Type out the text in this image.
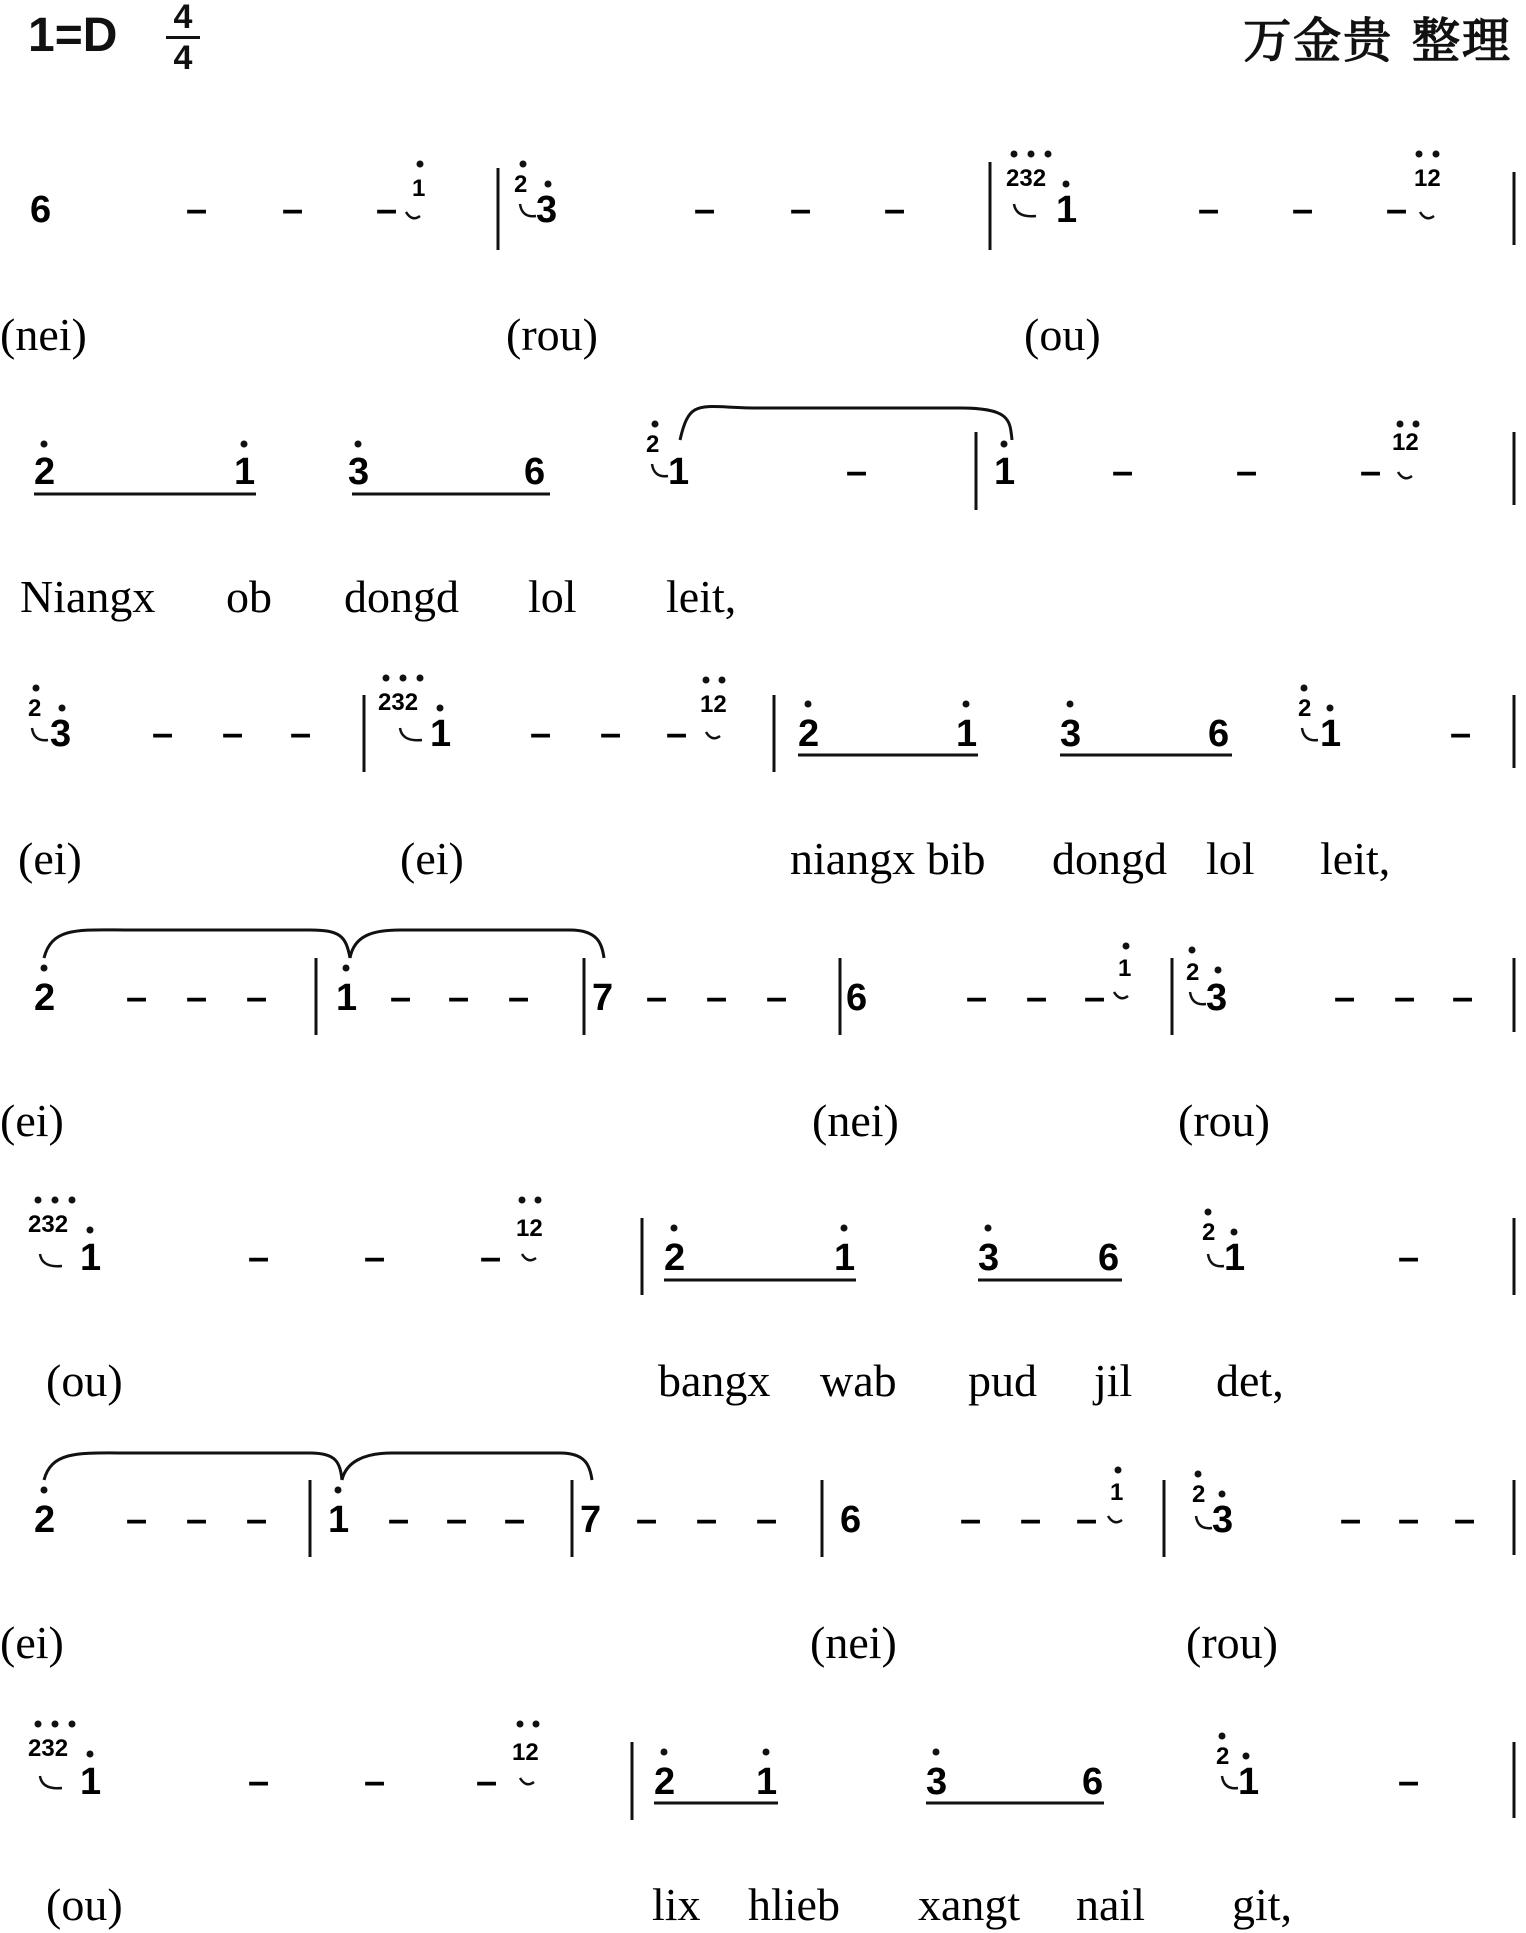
1=D 4
4	万金贵 整理
6	– – –
1	2
3	– – –
232
1	– – –
12
2	1 3	6
2
1	–	1	–	–	–
12
2
3 – – –
232
1 – – –
12
2	1 3	6
2
1	–
2 – – – 1 – – – 7 – – – 6	– – –
1 2
3	– – –
232
1	– – –
12
2	1	3	6
2
1	–
2 – – – 1 – – – 7 – – – 6	– – –
1	2
3	– – –
232
1	– – –
12
2 1	3	6
2
1	–
(nei)	(rou)	(ou)
Niangx ob dongd lol leit,
(ei)	(ei)	niangx bib dongd lol leit,
(ei)	(nei)	(rou)
(ou)	bangx wab pud jil det,
(ei)	(nei)	(rou)
(ou)	lix hlieb xangt nail git,
